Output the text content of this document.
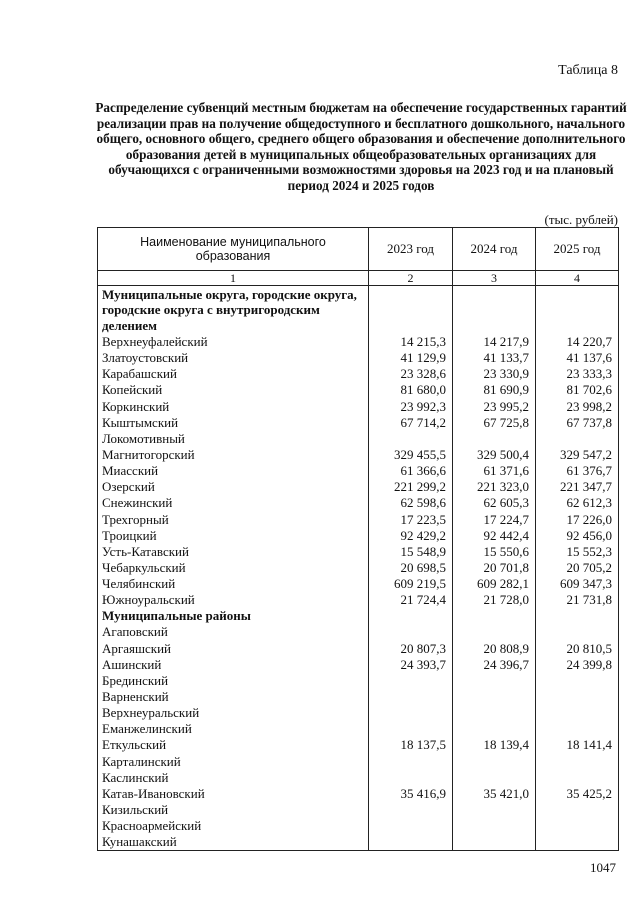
Таблица 8
Распределение субвенций местным бюджетам на обеспечение государственных гарантий реализации прав на получение общедоступного и бесплатного дошкольного, начального общего, основного общего, среднего общего образования и обеспечение дополнительного образования детей в муниципальных общеобразовательных организациях для обучающихся с ограниченными возможностями здоровья на 2023 год и на плановый период 2024 и 2025 годов
(тыс. рублей)
Наименование муниципального образования	2023 год	2024 год	2025 год
1	2	3	4
Муниципальные округа, городские округа, городские округа с внутригородским делением			
Верхнеуфалейский	14 215,3	14 217,9	14 220,7
Златоустовский	41 129,9	41 133,7	41 137,6
Карабашский	23 328,6	23 330,9	23 333,3
Копейский	81 680,0	81 690,9	81 702,6
Коркинский	23 992,3	23 995,2	23 998,2
Кыштымский	67 714,2	67 725,8	67 737,8
Локомотивный			
Магнитогорский	329 455,5	329 500,4	329 547,2
Миасский	61 366,6	61 371,6	61 376,7
Озерский	221 299,2	221 323,0	221 347,7
Снежинский	62 598,6	62 605,3	62 612,3
Трехгорный	17 223,5	17 224,7	17 226,0
Троицкий	92 429,2	92 442,4	92 456,0
Усть-Катавский	15 548,9	15 550,6	15 552,3
Чебаркульский	20 698,5	20 701,8	20 705,2
Челябинский	609 219,5	609 282,1	609 347,3
Южноуральский	21 724,4	21 728,0	21 731,8
Муниципальные районы			
Агаповский			
Аргаяшский	20 807,3	20 808,9	20 810,5
Ашинский	24 393,7	24 396,7	24 399,8
Брединский			
Варненский			
Верхнеуральский			
Еманжелинский			
Еткульский	18 137,5	18 139,4	18 141,4
Карталинский			
Каслинский			
Катав-Ивановский	35 416,9	35 421,0	35 425,2
Кизильский			
Красноармейский			
Кунашакский			
1047
